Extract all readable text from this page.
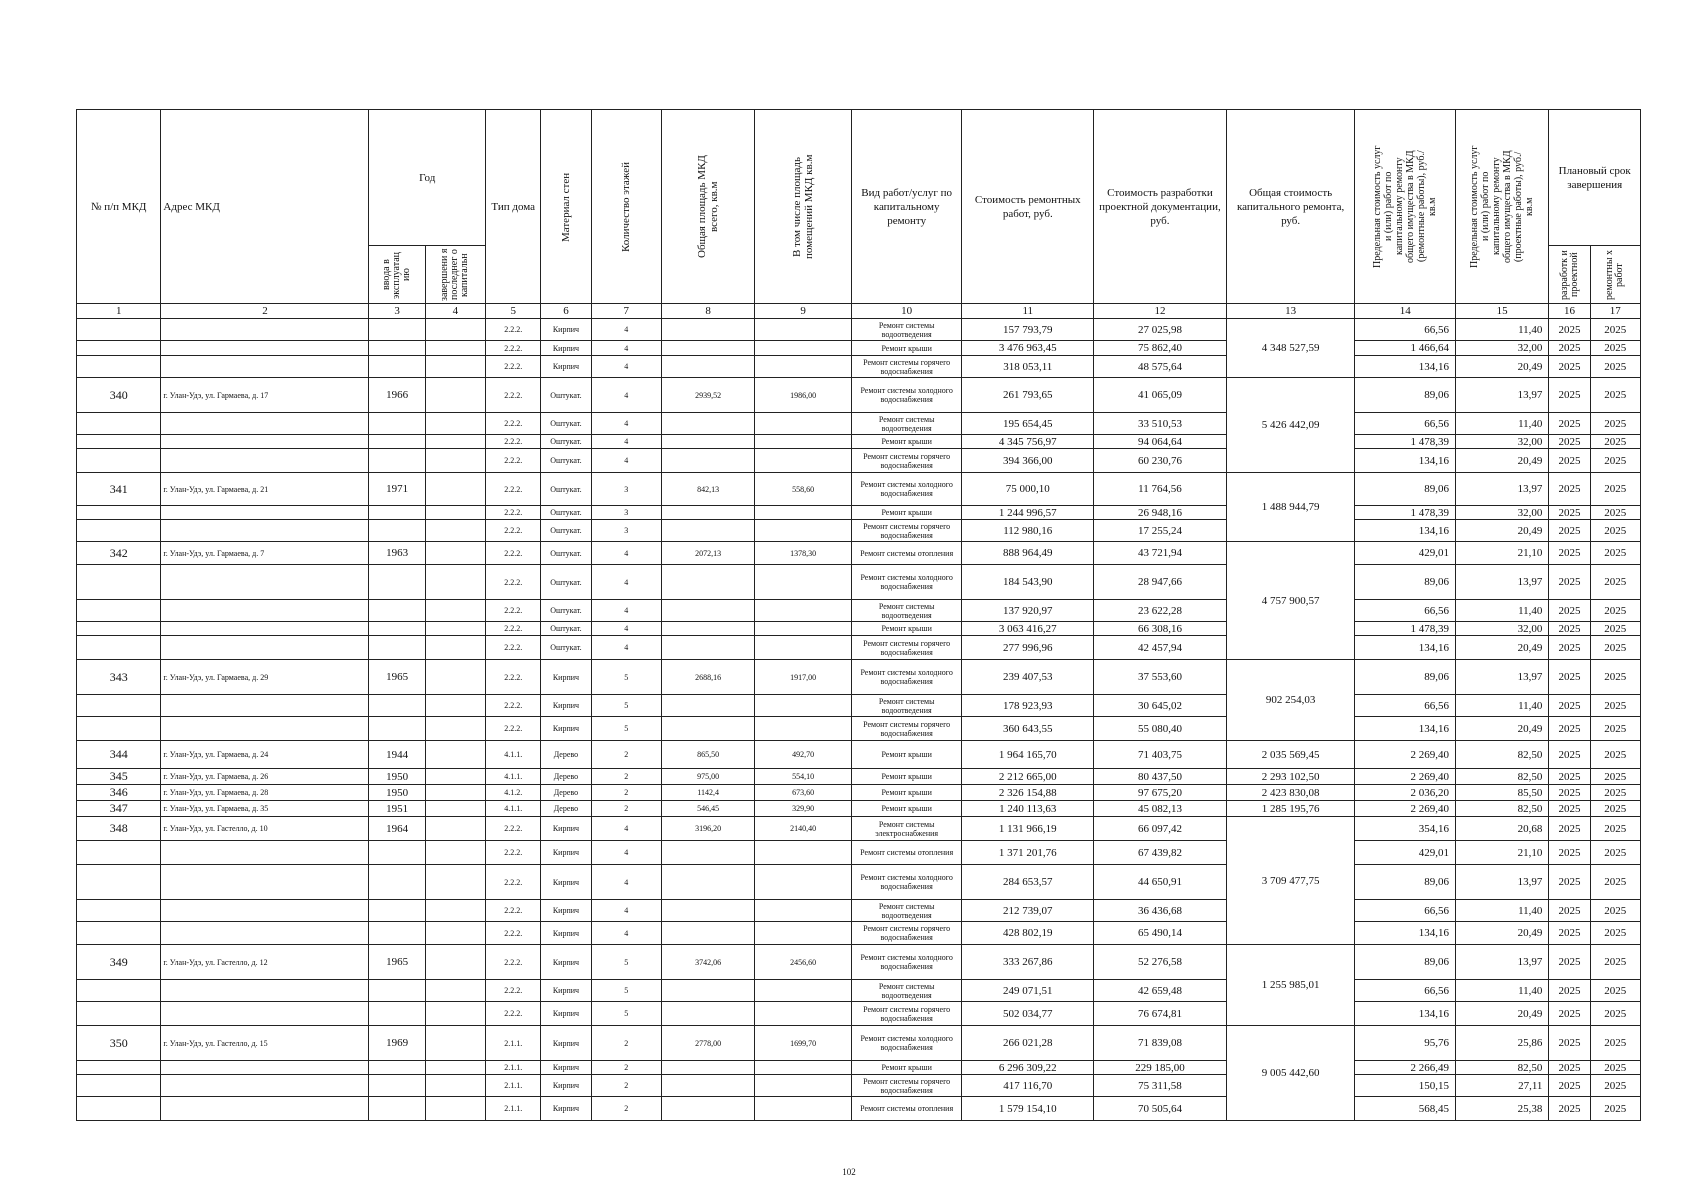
№ п/п МКД	Адрес МКД	Год		Тип дома	Материал стен	Количество этажей	Общая площадь МКД всего, кв.м	В том числе площадь помещений МКД кв.м	Вид работ/услуг по капитальному ремонту	Стоимость ремонтных работ, руб.	Стоимость разработки проектной документации, руб.	Общая стоимость капитального ремонта, руб.	Предельная стоимость услуг и (или) работ по капитальному ремонту общего имущества в МКД (ремонтные работы), руб./кв.м	Предельная стоимость услуг и (или) работ по капитальному ремонту общего имущества в МКД (проектные работы), руб./кв.м	Плановый срок завершения	

		ввода в эксплуатац ию	завершени я последнег о капитальн												разработк и проектной	ремонтны х работ

1	2	3	4	5	6	7	8	9	10	11	12	13	14	15	16	17
				2.2.2.	Кирпич	4			Ремонт системы водоотведения	157 793,79	27 025,98	4 348 527,59	66,56	11,40	2025	2025
				2.2.2.	Кирпич	4			Ремонт крыши	3 476 963,45	75 862,40		1 466,64	32,00	2025	2025
				2.2.2.	Кирпич	4			Ремонт системы горячего водоснабжения	318 053,11	48 575,64		134,16	20,49	2025	2025
340	г. Улан-Удэ, ул. Гармаева, д. 17	1966		2.2.2.	Оштукат.	4	2939,52	1986,00	Ремонт системы холодного водоснабжения	261 793,65	41 065,09	5 426 442,09	89,06	13,97	2025	2025
				2.2.2.	Оштукат.	4			Ремонт системы водоотведения	195 654,45	33 510,53		66,56	11,40	2025	2025
				2.2.2.	Оштукат.	4			Ремонт крыши	4 345 756,97	94 064,64		1 478,39	32,00	2025	2025
				2.2.2.	Оштукат.	4			Ремонт системы горячего водоснабжения	394 366,00	60 230,76		134,16	20,49	2025	2025
341	г. Улан-Удэ, ул. Гармаева, д. 21	1971		2.2.2.	Оштукат.	3	842,13	558,60	Ремонт системы холодного водоснабжения	75 000,10	11 764,56	1 488 944,79	89,06	13,97	2025	2025
				2.2.2.	Оштукат.	3			Ремонт крыши	1 244 996,57	26 948,16		1 478,39	32,00	2025	2025
				2.2.2.	Оштукат.	3			Ремонт системы горячего водоснабжения	112 980,16	17 255,24		134,16	20,49	2025	2025
342	г. Улан-Удэ, ул. Гармаева, д. 7	1963		2.2.2.	Оштукат.	4	2072,13	1378,30	Ремонт системы отопления	888 964,49	43 721,94	4 757 900,57	429,01	21,10	2025	2025
				2.2.2.	Оштукат.	4			Ремонт системы холодного водоснабжения	184 543,90	28 947,66		89,06	13,97	2025	2025
				2.2.2.	Оштукат.	4			Ремонт системы водоотведения	137 920,97	23 622,28		66,56	11,40	2025	2025
				2.2.2.	Оштукат.	4			Ремонт крыши	3 063 416,27	66 308,16		1 478,39	32,00	2025	2025
				2.2.2.	Оштукат.	4			Ремонт системы горячего водоснабжения	277 996,96	42 457,94		134,16	20,49	2025	2025
343	г. Улан-Удэ, ул. Гармаева, д. 29	1965		2.2.2.	Кирпич	5	2688,16	1917,00	Ремонт системы холодного водоснабжения	239 407,53	37 553,60	902 254,03	89,06	13,97	2025	2025
				2.2.2.	Кирпич	5			Ремонт системы водоотведения	178 923,93	30 645,02		66,56	11,40	2025	2025
				2.2.2.	Кирпич	5			Ремонт системы горячего водоснабжения	360 643,55	55 080,40		134,16	20,49	2025	2025
344	г. Улан-Удэ, ул. Гармаева, д. 24	1944		4.1.1.	Дерево	2	865,50	492,70	Ремонт крыши	1 964 165,70	71 403,75	2 035 569,45	2 269,40	82,50	2025	2025
345	г. Улан-Удэ, ул. Гармаева, д. 26	1950		4.1.1.	Дерево	2	975,00	554,10	Ремонт крыши	2 212 665,00	80 437,50	2 293 102,50	2 269,40	82,50	2025	2025
346	г. Улан-Удэ, ул. Гармаева, д. 28	1950		4.1.2.	Дерево	2	1142,4	673,60	Ремонт крыши	2 326 154,88	97 675,20	2 423 830,08	2 036,20	85,50	2025	2025
347	г. Улан-Удэ, ул. Гармаева, д. 35	1951		4.1.1.	Дерево	2	546,45	329,90	Ремонт крыши	1 240 113,63	45 082,13	1 285 195,76	2 269,40	82,50	2025	2025
348	г. Улан-Удэ, ул. Гастелло, д. 10	1964		2.2.2.	Кирпич	4	3196,20	2140,40	Ремонт системы электроснабжения	1 131 966,19	66 097,42	3 709 477,75	354,16	20,68	2025	2025
				2.2.2.	Кирпич	4			Ремонт системы отопления	1 371 201,76	67 439,82		429,01	21,10	2025	2025
				2.2.2.	Кирпич	4			Ремонт системы холодного водоснабжения	284 653,57	44 650,91		89,06	13,97	2025	2025
				2.2.2.	Кирпич	4			Ремонт системы водоотведения	212 739,07	36 436,68		66,56	11,40	2025	2025
				2.2.2.	Кирпич	4			Ремонт системы горячего водоснабжения	428 802,19	65 490,14		134,16	20,49	2025	2025
349	г. Улан-Удэ, ул. Гастелло, д. 12	1965		2.2.2.	Кирпич	5	3742,06	2456,60	Ремонт системы холодного водоснабжения	333 267,86	52 276,58	1 255 985,01	89,06	13,97	2025	2025
				2.2.2.	Кирпич	5			Ремонт системы водоотведения	249 071,51	42 659,48		66,56	11,40	2025	2025
				2.2.2.	Кирпич	5			Ремонт системы горячего водоснабжения	502 034,77	76 674,81		134,16	20,49	2025	2025
350	г. Улан-Удэ, ул. Гастелло, д. 15	1969		2.1.1.	Кирпич	2	2778,00	1699,70	Ремонт системы холодного водоснабжения	266 021,28	71 839,08	9 005 442,60	95,76	25,86	2025	2025
				2.1.1.	Кирпич	2			Ремонт крыши	6 296 309,22	229 185,00		2 266,49	82,50	2025	2025
				2.1.1.	Кирпич	2			Ремонт системы горячего водоснабжения	417 116,70	75 311,58		150,15	27,11	2025	2025
				2.1.1.	Кирпич	2			Ремонт системы отопления	1 579 154,10	70 505,64		568,45	25,38	2025	2025
102
